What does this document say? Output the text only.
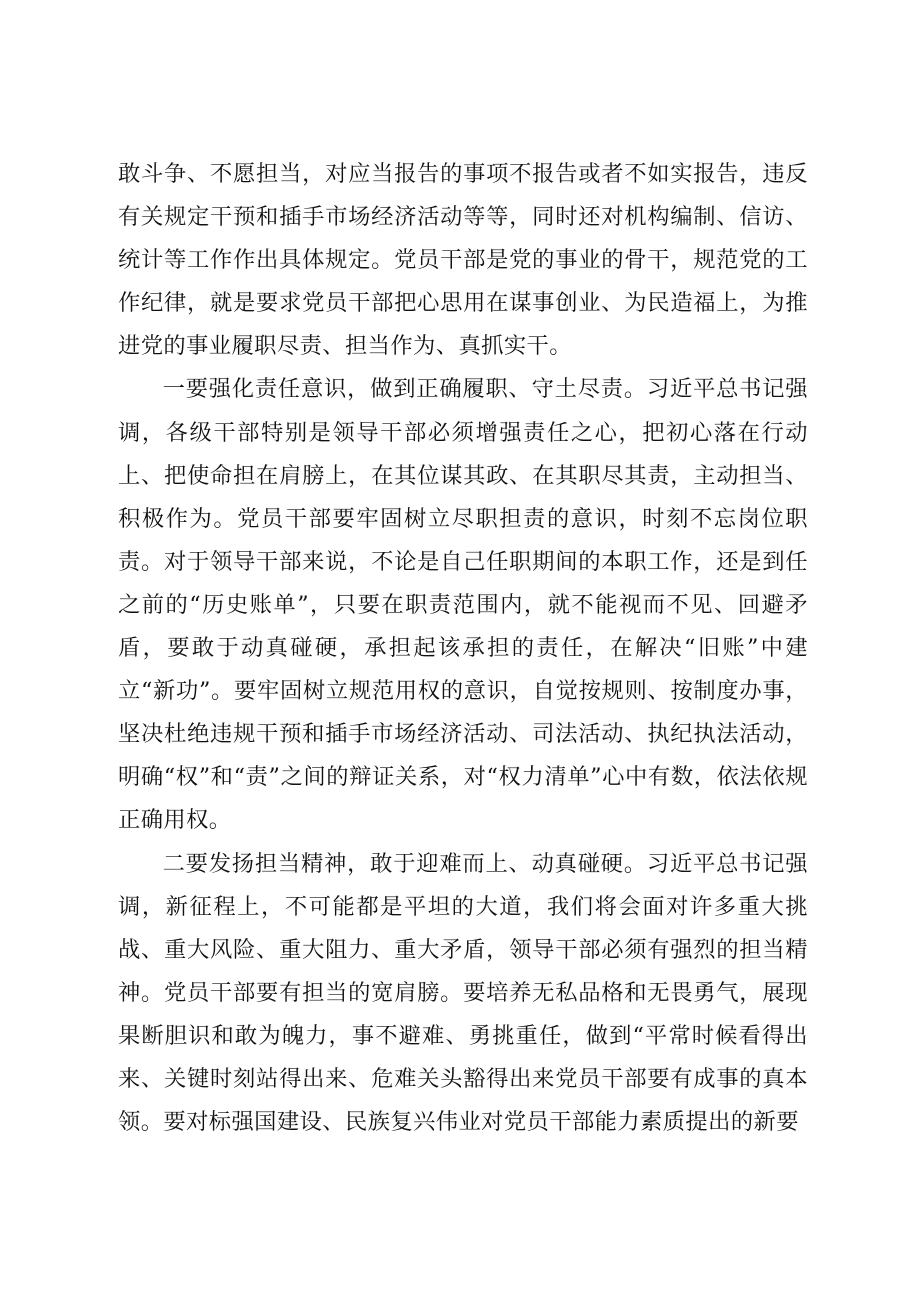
敢斗争、不愿担当，对应当报告的事项不报告或者不如实报告，违反有关规定干预和插手市场经济活动等等，同时还对机构编制、信访、统计等工作作出具体规定。党员干部是党的事业的骨干，规范党的工作纪律，就是要求党员干部把心思用在谋事创业、为民造福上，为推进党的事业履职尽责、担当作为、真抓实干。

一要强化责任意识，做到正确履职、守土尽责。习近平总书记强调，各级干部特别是领导干部必须增强责任之心，把初心落在行动上、把使命担在肩膀上，在其位谋其政、在其职尽其责，主动担当、积极作为。党员干部要牢固树立尽职担责的意识，时刻不忘岗位职责。对于领导干部来说，不论是自己任职期间的本职工作，还是到任之前的“历史账单”，只要在职责范围内，就不能视而不见、回避矛盾，要敢于动真碰硬，承担起该承担的责任，在解决“旧账”中建立“新功”。要牢固树立规范用权的意识，自觉按规则、按制度办事，坚决杜绝违规干预和插手市场经济活动、司法活动、执纪执法活动，明确“权”和“责”之间的辩证关系，对“权力清单”心中有数，依法依规正确用权。

二要发扬担当精神，敢于迎难而上、动真碰硬。习近平总书记强调，新征程上，不可能都是平坦的大道，我们将会面对许多重大挑战、重大风险、重大阻力、重大矛盾，领导干部必须有强烈的担当精神。党员干部要有担当的宽肩膀。要培养无私品格和无畏勇气，展现果断胆识和敢为魄力，事不避难、勇挑重任，做到“平常时候看得出来、关键时刻站得出来、危难关头豁得出来党员干部要有成事的真本领。要对标强国建设、民族复兴伟业对党员干部能力素质提出的新要
